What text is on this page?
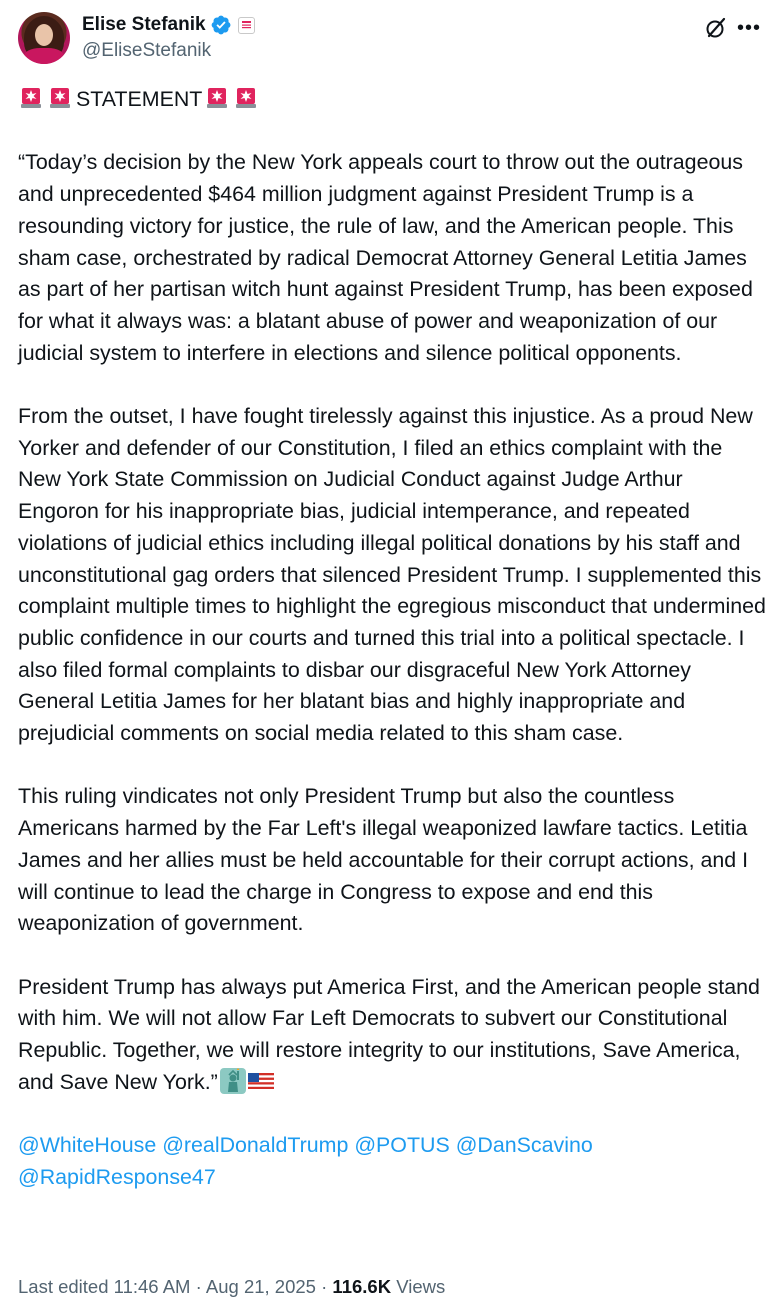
Elise Stefanik
@EliseStefanik
•••

STATEMENT

“Today’s decision by the New York appeals court to throw out the outrageous and unprecedented $464 million judgment against President Trump is a resounding victory for justice, the rule of law, and the American people. This sham case, orchestrated by radical Democrat Attorney General Letitia James as part of her partisan witch hunt against President Trump, has been exposed for what it always was: a blatant abuse of power and weaponization of our judicial system to interfere in elections and silence political opponents.

From the outset, I have fought tirelessly against this injustice. As a proud New Yorker and defender of our Constitution, I filed an ethics complaint with the New York State Commission on Judicial Conduct against Judge Arthur Engoron for his inappropriate bias, judicial intemperance, and repeated violations of judicial ethics including illegal political donations by his staff and unconstitutional gag orders that silenced President Trump. I supplemented this complaint multiple times to highlight the egregious misconduct that undermined public confidence in our courts and turned this trial into a political spectacle. I also filed formal complaints to disbar our disgraceful New York Attorney General Letitia James for her blatant bias and highly inappropriate and prejudicial comments on social media related to this sham case.

This ruling vindicates not only President Trump but also the countless Americans harmed by the Far Left's illegal weaponized lawfare tactics. Letitia James and her allies must be held accountable for their corrupt actions, and I will continue to lead the charge in Congress to expose and end this weaponization of government.

President Trump has always put America First, and the American people stand with him. We will not allow Far Left Democrats to subvert our Constitutional Republic. Together, we will restore integrity to our institutions, Save America, and Save New York.”

@WhiteHouse @realDonaldTrump @POTUS @DanScavino
@RapidResponse47

Last edited 11:46 AM · Aug 21, 2025 · 116.6K Views
